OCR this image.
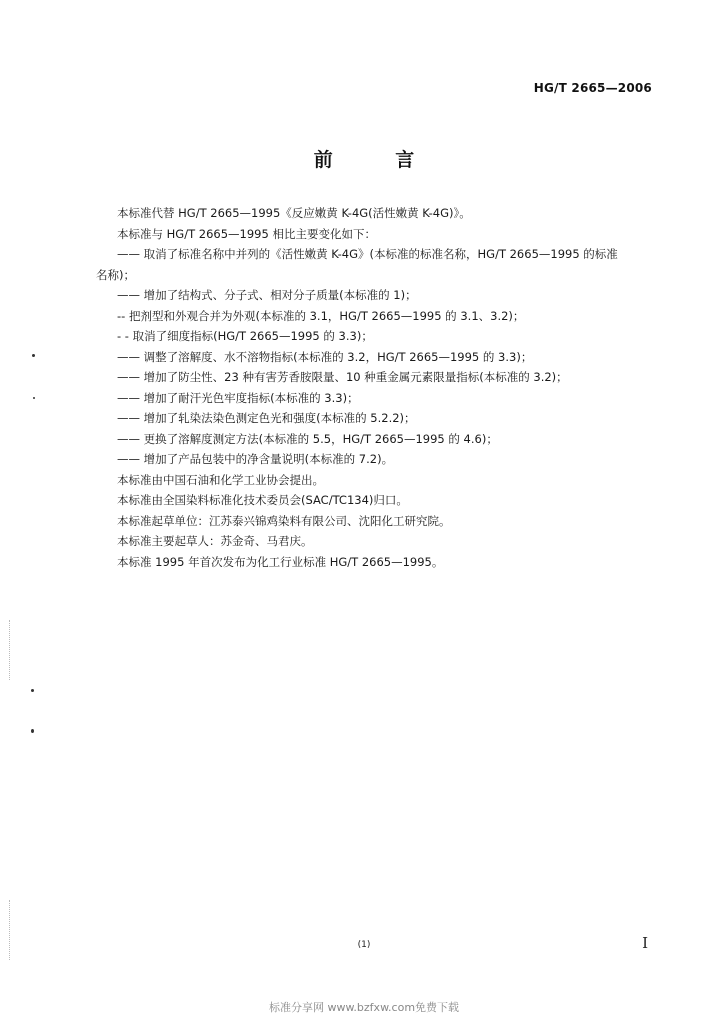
HG/T 2665—2006
前 言

本标准代替 HG/T 2665—1995《反应嫩黄 K-4G(活性嫩黄 K-4G)》。

本标准与 HG/T 2665—1995 相比主要变化如下：

—— 取消了标准名称中并列的《活性嫩黄 K-4G》(本标准的标准名称，HG/T 2665—1995 的标准

名称)；

—— 增加了结构式、分子式、相对分子质量(本标准的 1)；

-- 把剂型和外观合并为外观(本标准的 3.1，HG/T 2665—1995 的 3.1、3.2)；

- - 取消了细度指标(HG/T 2665—1995 的 3.3)；

—— 调整了溶解度、水不溶物指标(本标准的 3.2，HG/T 2665—1995 的 3.3)；

—— 增加了防尘性、23 种有害芳香胺限量、10 种重金属元素限量指标(本标准的 3.2)；

—— 增加了耐汗光色牢度指标(本标准的 3.3)；

—— 增加了轧染法染色测定色光和强度(本标准的 5.2.2)；

—— 更换了溶解度测定方法(本标准的 5.5，HG/T 2665—1995 的 4.6)；

—— 增加了产品包装中的净含量说明(本标准的 7.2)。

本标准由中国石油和化学工业协会提出。

本标准由全国染料标准化技术委员会(SAC/TC134)归口。

本标准起草单位：江苏泰兴锦鸡染料有限公司、沈阳化工研究院。

本标准主要起草人：苏金奇、马君庆。

本标准 1995 年首次发布为化工行业标准 HG/T 2665—1995。

(1)	I
标准分享网 www.bzfxw.com免费下载
